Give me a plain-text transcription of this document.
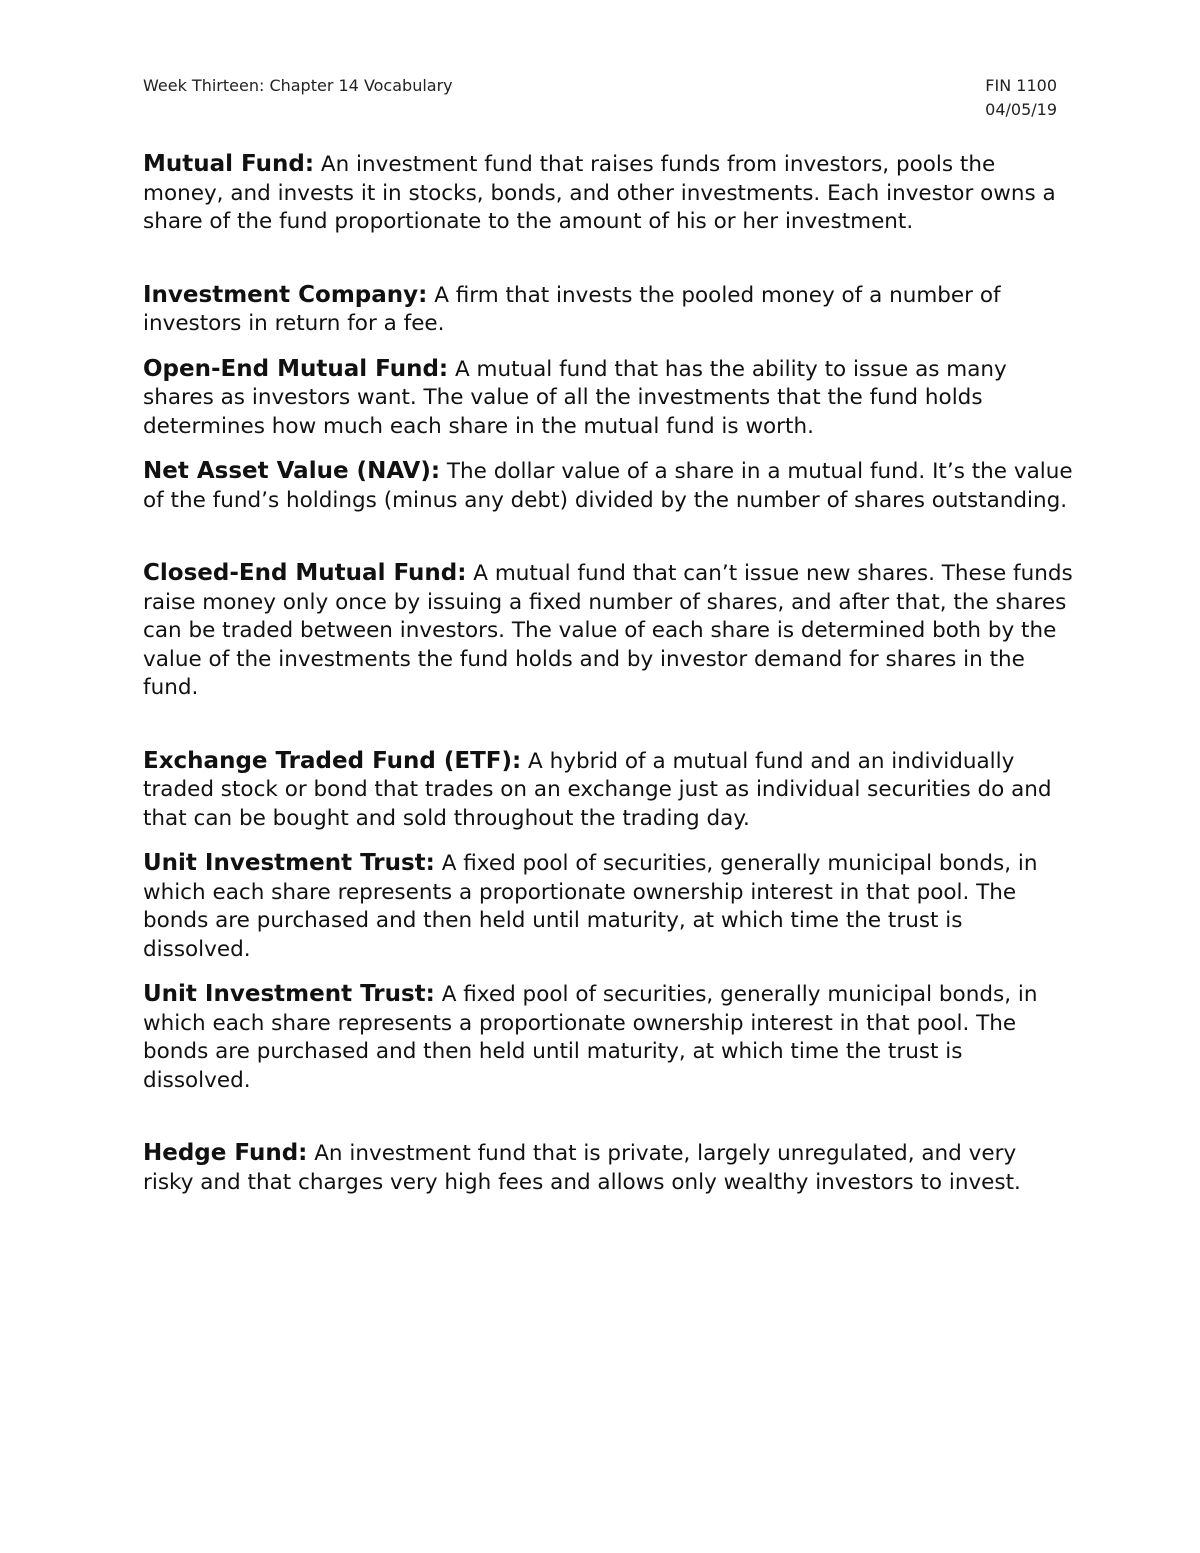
Week Thirteen: Chapter 14 Vocabulary	FIN 1100
04/05/19

Mutual Fund: An investment fund that raises funds from investors, pools the money, and invests it in stocks, bonds, and other investments. Each investor owns a share of the fund proportionate to the amount of his or her investment.

Investment Company: A firm that invests the pooled money of a number of investors in return for a fee.

Open-End Mutual Fund: A mutual fund that has the ability to issue as many shares as investors want. The value of all the investments that the fund holds determines how much each share in the mutual fund is worth.

Net Asset Value (NAV): The dollar value of a share in a mutual fund. It’s the value of the fund’s holdings (minus any debt) divided by the number of shares outstanding.

Closed-End Mutual Fund: A mutual fund that can’t issue new shares. These funds raise money only once by issuing a fixed number of shares, and after that, the shares can be traded between investors. The value of each share is determined both by the value of the investments the fund holds and by investor demand for shares in the fund.

Exchange Traded Fund (ETF): A hybrid of a mutual fund and an individually traded stock or bond that trades on an exchange just as individual securities do and that can be bought and sold throughout the trading day.

Unit Investment Trust: A fixed pool of securities, generally municipal bonds, in which each share represents a proportionate ownership interest in that pool. The bonds are purchased and then held until maturity, at which time the trust is dissolved.

Unit Investment Trust: A fixed pool of securities, generally municipal bonds, in which each share represents a proportionate ownership interest in that pool. The bonds are purchased and then held until maturity, at which time the trust is dissolved.

Hedge Fund: An investment fund that is private, largely unregulated, and very risky and that charges very high fees and allows only wealthy investors to invest.
